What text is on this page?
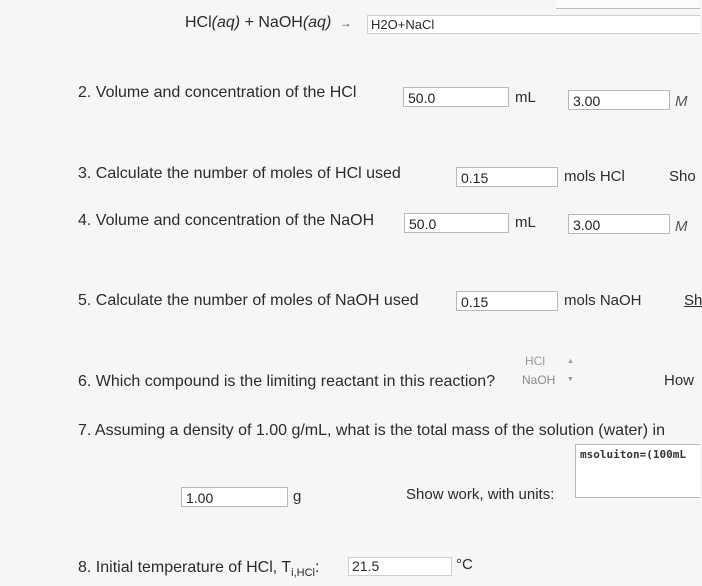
HCl(aq) + NaOH(aq) →	H2O+NaCl
2. Volume and concentration of the HCl	50.0	mL	3.00	M
3. Calculate the number of moles of HCl used	0.15	mols HCl	Sho
4. Volume and concentration of the NaOH	50.0	mL	3.00	M
5. Calculate the number of moles of NaOH used	0.15	mols NaOH	Sh
6. Which compound is the limiting reactant in this reaction?
HCl
NaOH
▲
▼	How
7. Assuming a density of 1.00 g/mL, what is the total mass of the solution (water) in
msoluiton=(100mL
1.00	g	Show work, with units:
8. Initial temperature of HCl, $T_{i,HCl}$: 21.5	°C
